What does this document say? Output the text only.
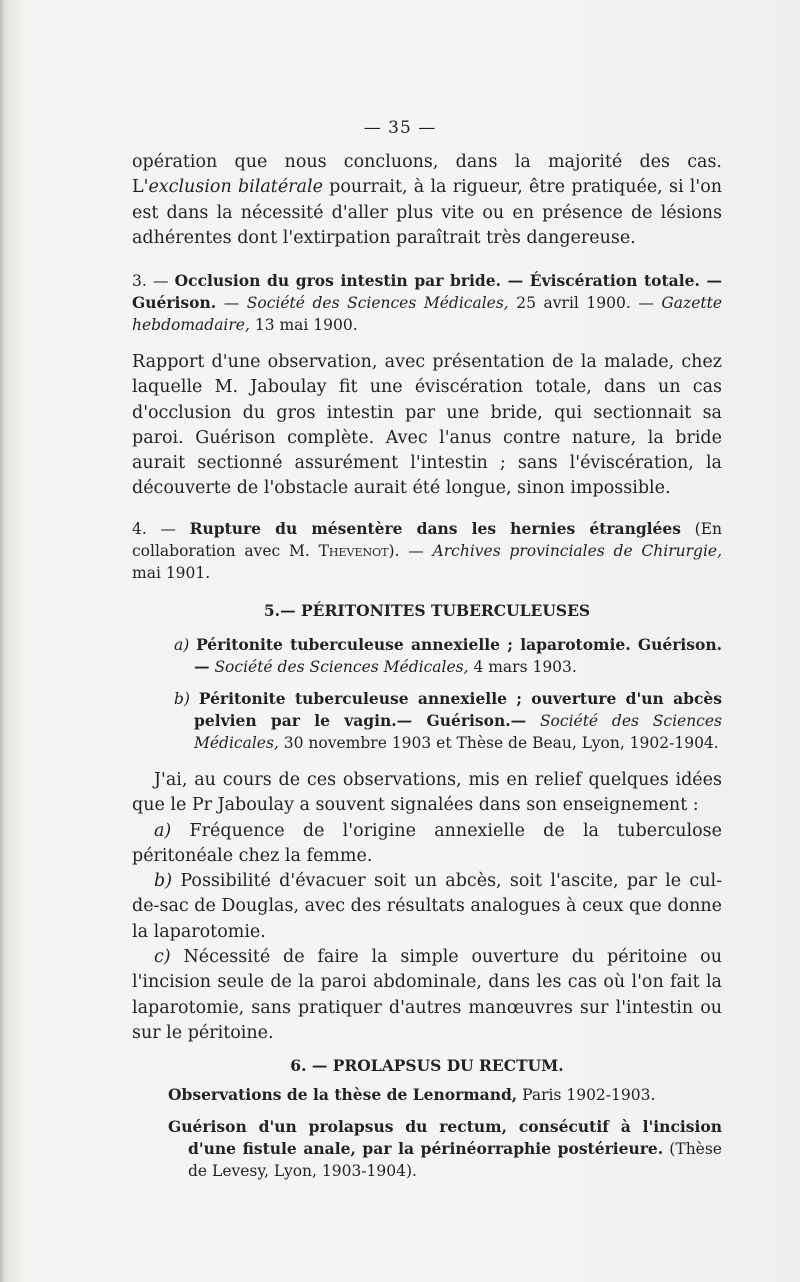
— 35 —

opération que nous concluons, dans la majorité des cas. L'exclusion bilatérale pourrait, à la rigueur, être pratiquée, si l'on est dans la nécessité d'aller plus vite ou en présence de lésions adhérentes dont l'extirpation paraîtrait très dangereuse.

3. — Occlusion du gros intestin par bride. — Éviscération totale. — Guérison. — Société des Sciences Médicales, 25 avril 1900. — Gazette hebdomadaire, 13 mai 1900.

Rapport d'une observation, avec présentation de la malade, chez laquelle M. Jaboulay fit une éviscération totale, dans un cas d'occlusion du gros intestin par une bride, qui sectionnait sa paroi. Guérison complète. Avec l'anus contre nature, la bride aurait sectionné assurément l'intestin ; sans l'éviscération, la découverte de l'obstacle aurait été longue, sinon impossible.

4. — Rupture du mésentère dans les hernies étranglées (En collaboration avec M. Thevenot). — Archives provinciales de Chirurgie, mai 1901.

5.— PÉRITONITES TUBERCULEUSES

a) Péritonite tuberculeuse annexielle ; laparotomie. Guérison. — Société des Sciences Médicales, 4 mars 1903.

b) Péritonite tuberculeuse annexielle ; ouverture d'un abcès pelvien par le vagin.— Guérison.— Société des Sciences Médicales, 30 novembre 1903 et Thèse de Beau, Lyon, 1902-1904.

J'ai, au cours de ces observations, mis en relief quelques idées que le Pr Jaboulay a souvent signalées dans son enseignement :

a) Fréquence de l'origine annexielle de la tuberculose péritonéale chez la femme.

b) Possibilité d'évacuer soit un abcès, soit l'ascite, par le cul-de-sac de Douglas, avec des résultats analogues à ceux que donne la laparotomie.

c) Nécessité de faire la simple ouverture du péritoine ou l'incision seule de la paroi abdominale, dans les cas où l'on fait la laparotomie, sans pratiquer d'autres manœuvres sur l'intestin ou sur le péritoine.

6. — PROLAPSUS DU RECTUM.

Observations de la thèse de Lenormand, Paris 1902-1903.

Guérison d'un prolapsus du rectum, consécutif à l'incision d'une fistule anale, par la périnéorraphie postérieure. (Thèse de Levesy, Lyon, 1903-1904).
